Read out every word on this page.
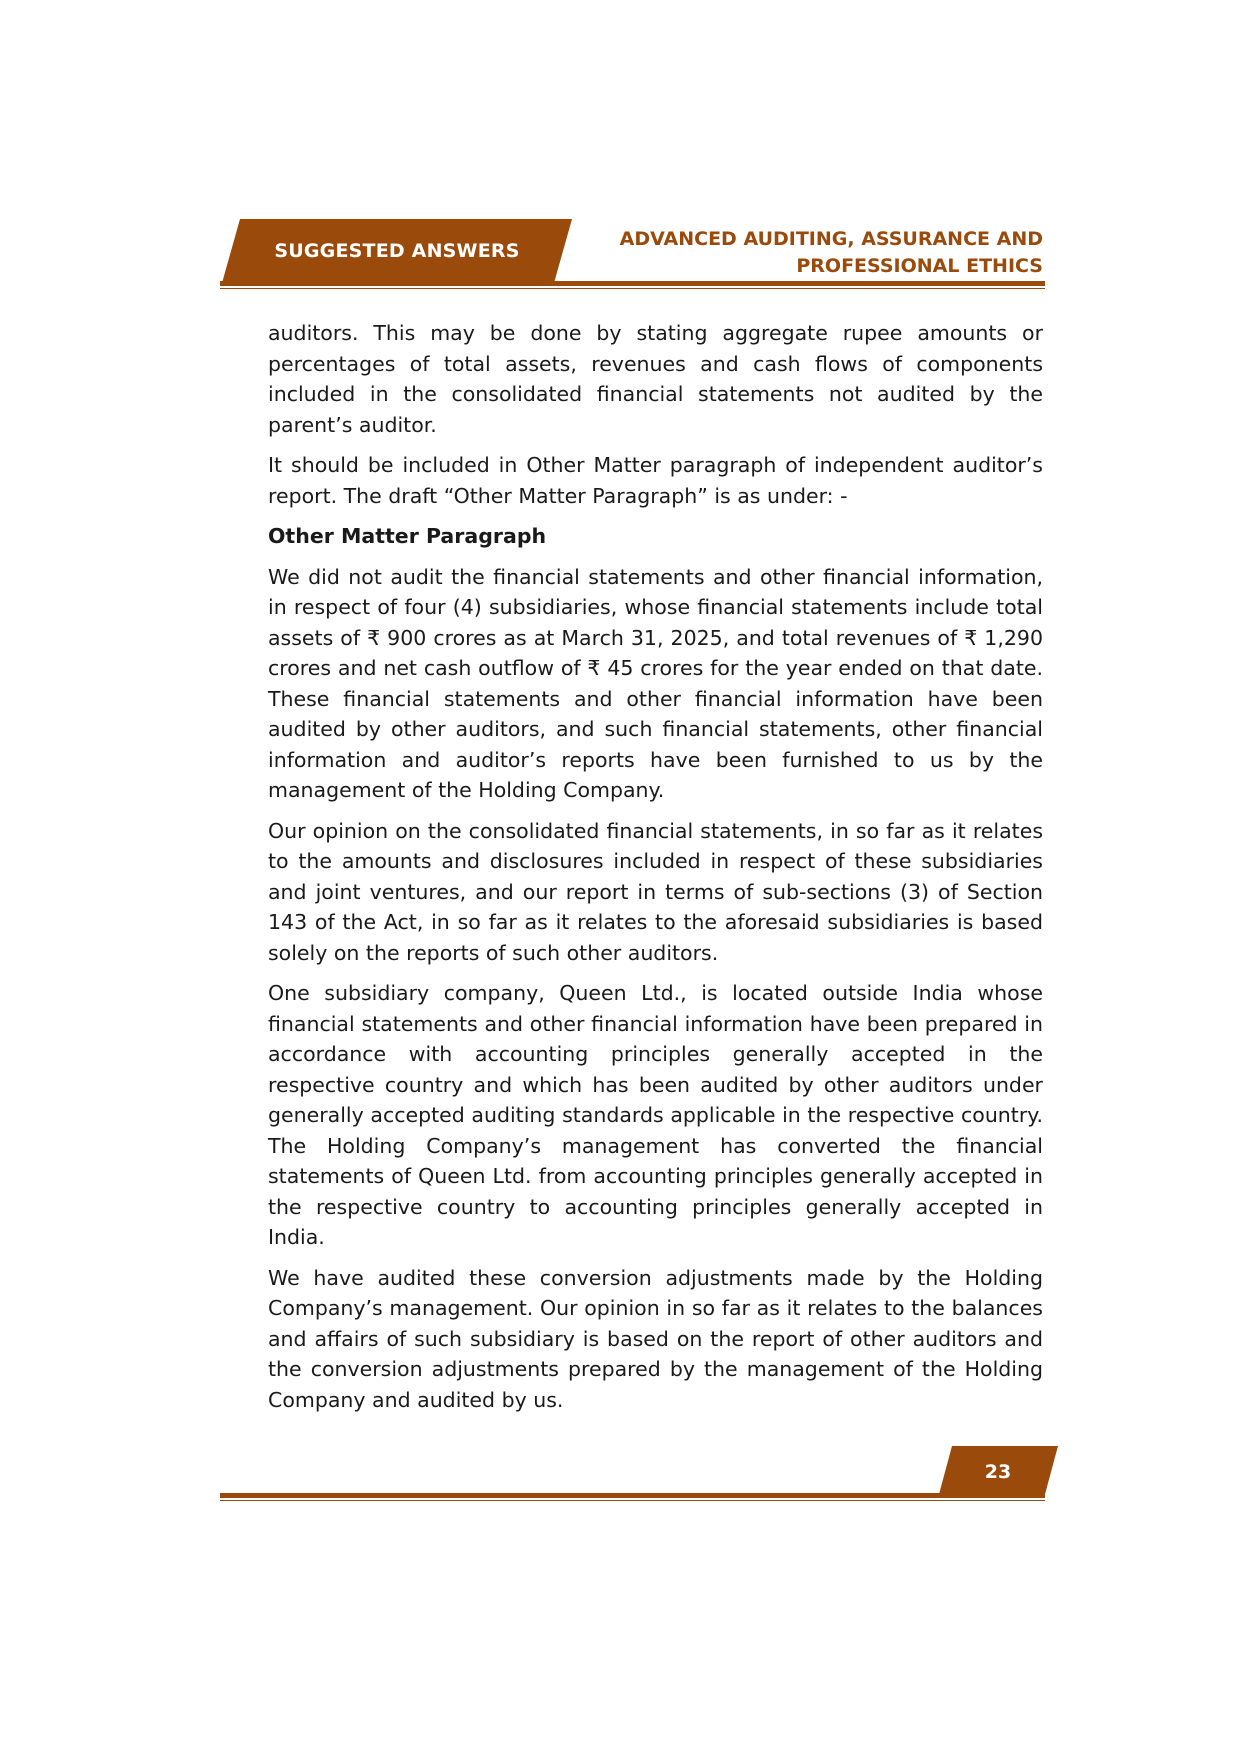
SUGGESTED ANSWERS
ADVANCED AUDITING, ASSURANCE AND
PROFESSIONAL ETHICS

auditors. This may be done by stating aggregate rupee amounts or percentages of total assets, revenues and cash flows of components included in the consolidated financial statements not audited by the parent’s auditor.

It should be included in Other Matter paragraph of independent auditor’s report. The draft “Other Matter Paragraph” is as under: -

Other Matter Paragraph

We did not audit the financial statements and other financial information, in respect of four (4) subsidiaries, whose financial statements include total assets of ₹ 900 crores as at March 31, 2025, and total revenues of ₹ 1,290 crores and net cash outflow of ₹ 45 crores for the year ended on that date. These financial statements and other financial information have been audited by other auditors, and such financial statements, other financial information and auditor’s reports have been furnished to us by the management of the Holding Company.

Our opinion on the consolidated financial statements, in so far as it relates to the amounts and disclosures included in respect of these subsidiaries and joint ventures, and our report in terms of sub-sections (3) of Section 143 of the Act, in so far as it relates to the aforesaid subsidiaries is based solely on the reports of such other auditors.

One subsidiary company, Queen Ltd., is located outside India whose financial statements and other financial information have been prepared in accordance with accounting principles generally accepted in the respective country and which has been audited by other auditors under generally accepted auditing standards applicable in the respective country. The Holding Company’s management has converted the financial statements of Queen Ltd. from accounting principles generally accepted in the respective country to accounting principles generally accepted in India.

We have audited these conversion adjustments made by the Holding Company’s management. Our opinion in so far as it relates to the balances and affairs of such subsidiary is based on the report of other auditors and the conversion adjustments prepared by the management of the Holding Company and audited by us.

23
